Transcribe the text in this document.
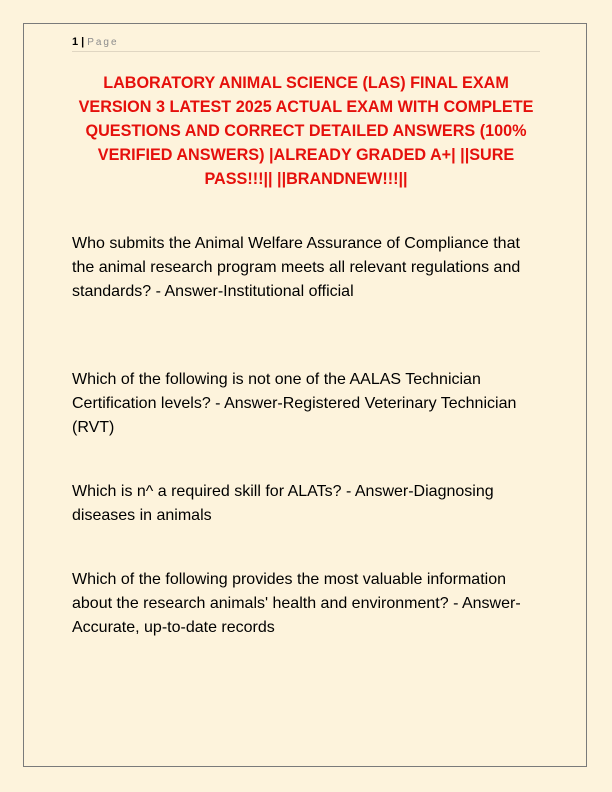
1 | Page
LABORATORY ANIMAL SCIENCE (LAS) FINAL EXAM VERSION 3 LATEST 2025 ACTUAL EXAM WITH COMPLETE QUESTIONS AND CORRECT DETAILED ANSWERS (100% VERIFIED ANSWERS) |ALREADY GRADED A+| ||SURE PASS!!!|| ||BRANDNEW!!!||

Who submits the Animal Welfare Assurance of Compliance that the animal research program meets all relevant regulations and standards? - Answer-Institutional official

Which of the following is not one of the AALAS Technician Certification levels? - Answer-Registered Veterinary Technician (RVT)

Which is n^ a required skill for ALATs? - Answer-Diagnosing diseases in animals

Which of the following provides the most valuable information about the research animals' health and environment? - Answer-Accurate, up-to-date records
